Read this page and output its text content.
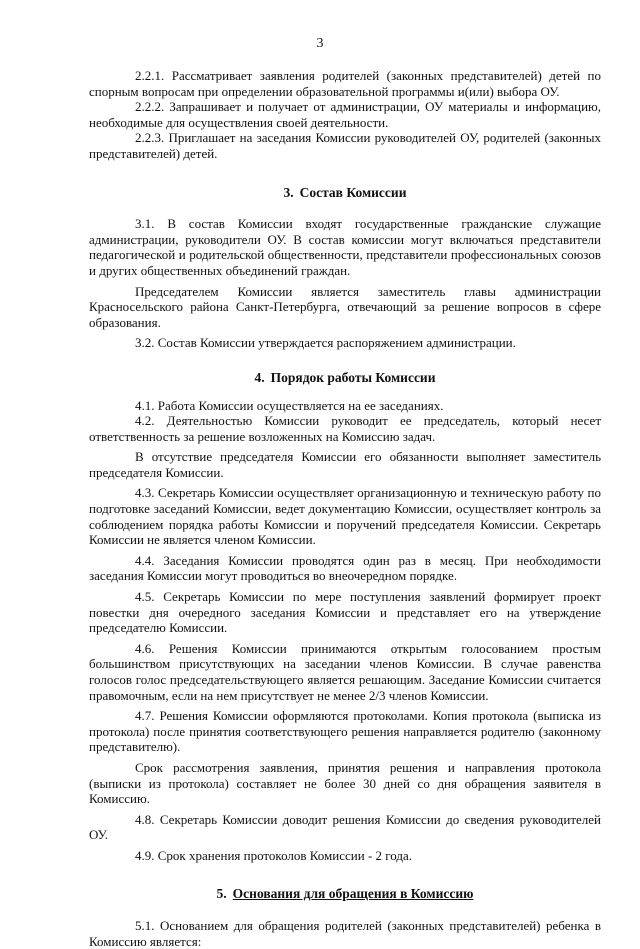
3

2.2.1. Рассматривает заявления родителей (законных представителей) детей по спорным вопросам при определении образовательной программы и(или) выбора ОУ.

2.2.2. Запрашивает и получает от администрации, ОУ материалы и информацию, необходимые для осуществления своей деятельности.

2.2.3. Приглашает на заседания Комиссии руководителей ОУ, родителей (законных представителей) детей.

3. Состав Комиссии

3.1. В состав Комиссии входят государственные гражданские служащие администрации, руководители ОУ. В состав комиссии могут включаться представители педагогической и родительской общественности, представители профессиональных союзов и других общественных объединений граждан.

Председателем Комиссии является заместитель главы администрации Красносельского района Санкт-Петербурга, отвечающий за решение вопросов в сфере образования.

3.2. Состав Комиссии утверждается распоряжением администрации.

4. Порядок работы Комиссии

4.1. Работа Комиссии осуществляется на ее заседаниях.

4.2. Деятельностью Комиссии руководит ее председатель, который несет ответственность за решение возложенных на Комиссию задач.

В отсутствие председателя Комиссии его обязанности выполняет заместитель председателя Комиссии.

4.3. Секретарь Комиссии осуществляет организационную и техническую работу по подготовке заседаний Комиссии, ведет документацию Комиссии, осуществляет контроль за соблюдением порядка работы Комиссии и поручений председателя Комиссии. Секретарь Комиссии не является членом Комиссии.

4.4. Заседания Комиссии проводятся один раз в месяц. При необходимости заседания Комиссии могут проводиться во внеочередном порядке.

4.5. Секретарь Комиссии по мере поступления заявлений формирует проект повестки дня очередного заседания Комиссии и представляет его на утверждение председателю Комиссии.

4.6. Решения Комиссии принимаются открытым голосованием простым большинством присутствующих на заседании членов Комиссии. В случае равенства голосов голос председательствующего является решающим. Заседание Комиссии считается правомочным, если на нем присутствует не менее 2/3 членов Комиссии.

4.7. Решения Комиссии оформляются протоколами. Копия протокола (выписка из протокола) после принятия соответствующего решения направляется родителю (законному представителю).

Срок рассмотрения заявления, принятия решения и направления протокола (выписки из протокола) составляет не более 30 дней со дня обращения заявителя в Комиссию.

4.8. Секретарь Комиссии доводит решения Комиссии до сведения руководителей ОУ.

4.9. Срок хранения протоколов Комиссии - 2 года.

5. Основания для обращения в Комиссию

5.1. Основанием для обращения родителей (законных представителей) ребенка в Комиссию является:
